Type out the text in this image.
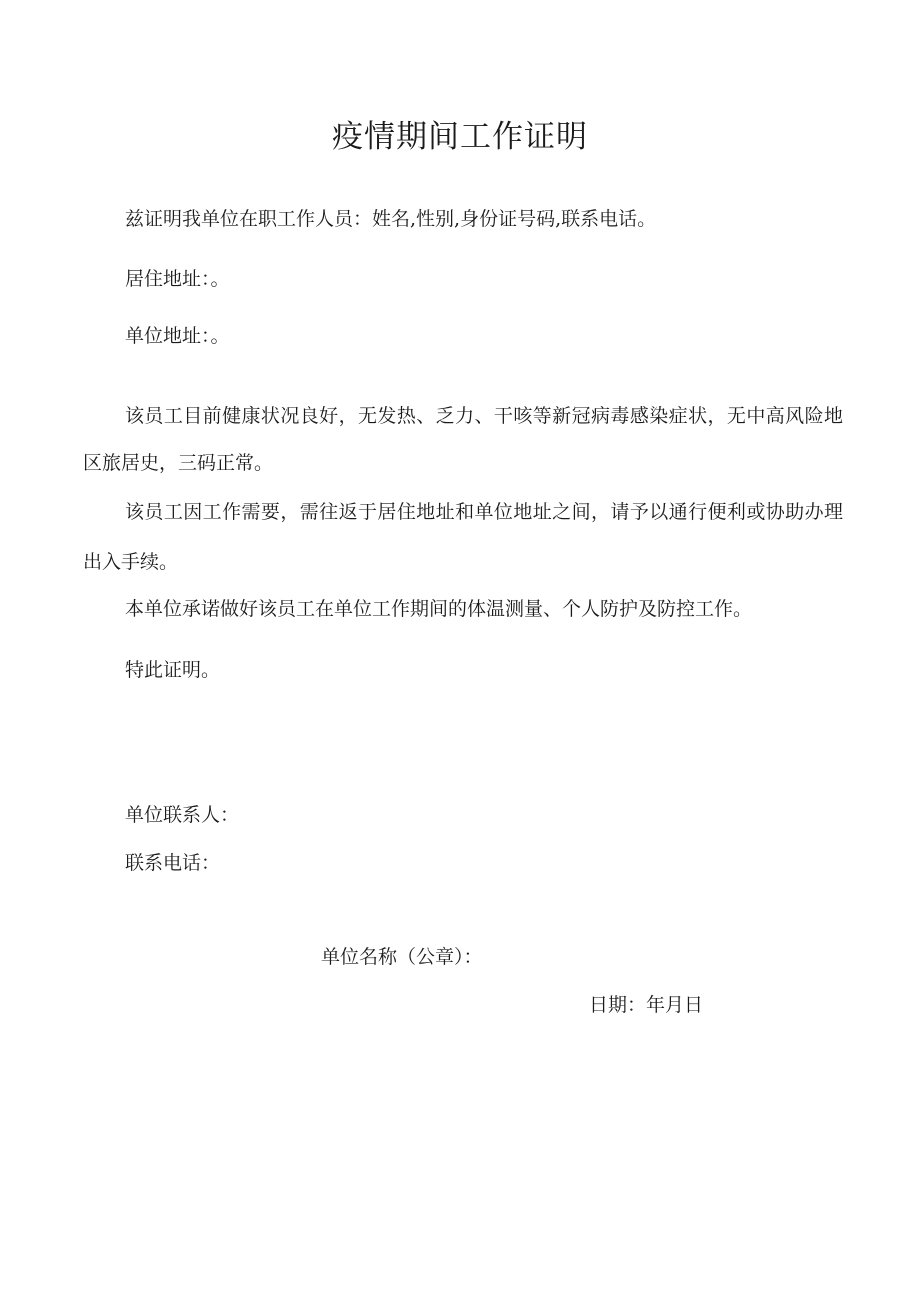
疫情期间工作证明
兹证明我单位在职工作人员：姓名,性别,身份证号码,联系电话。
居住地址：。
单位地址：。
该员工目前健康状况良好，无发热、乏力、干咳等新冠病毒感染症状，无中高风险地区旅居史，三码正常。
该员工因工作需要，需往返于居住地址和单位地址之间，请予以通行便利或协助办理出入手续。
本单位承诺做好该员工在单位工作期间的体温测量、个人防护及防控工作。
特此证明。
单位联系人：
联系电话：
单位名称（公章）：
日期：年月日
